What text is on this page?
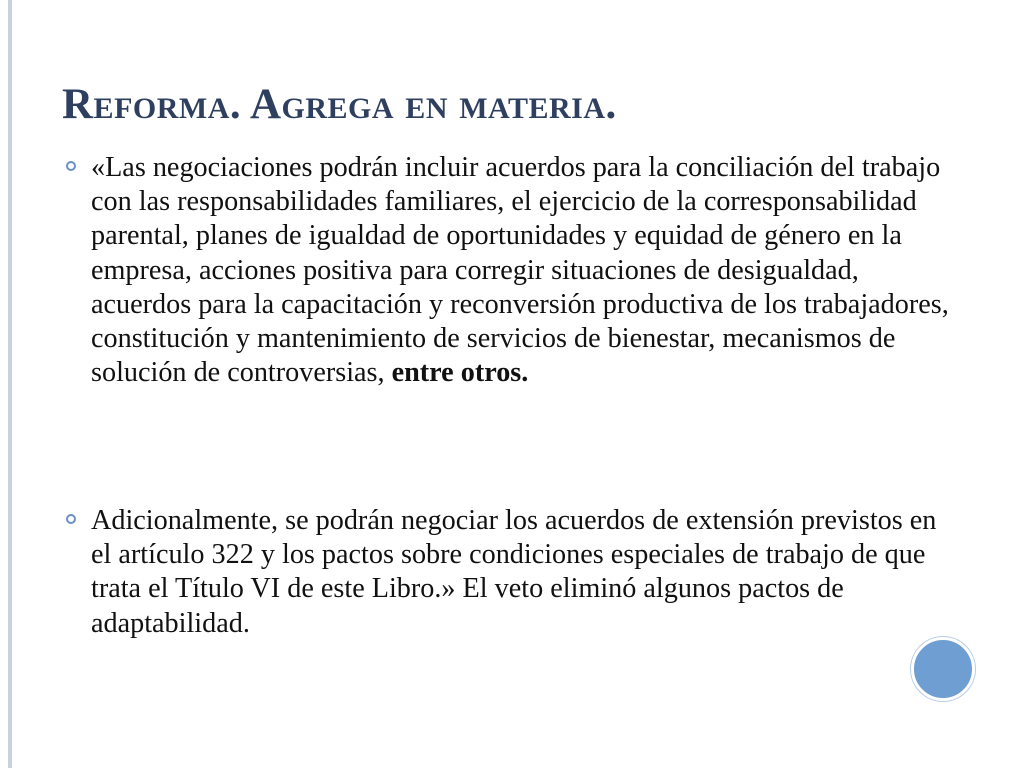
Reforma. Agrega en materia.
«Las negociaciones podrán incluir acuerdos para la conciliación del trabajo con las responsabilidades familiares, el ejercicio de la corresponsabilidad parental, planes de igualdad de oportunidades y equidad de género en la empresa, acciones positiva para corregir situaciones de desigualdad, acuerdos para la capacitación y reconversión productiva de los trabajadores, constitución y mantenimiento de servicios de bienestar, mecanismos de solución de controversias, entre otros.
Adicionalmente, se podrán negociar los acuerdos de extensión previstos en el artículo 322 y los pactos sobre condiciones especiales de trabajo de que trata el Título VI de este Libro.» El veto eliminó algunos pactos de adaptabilidad.
